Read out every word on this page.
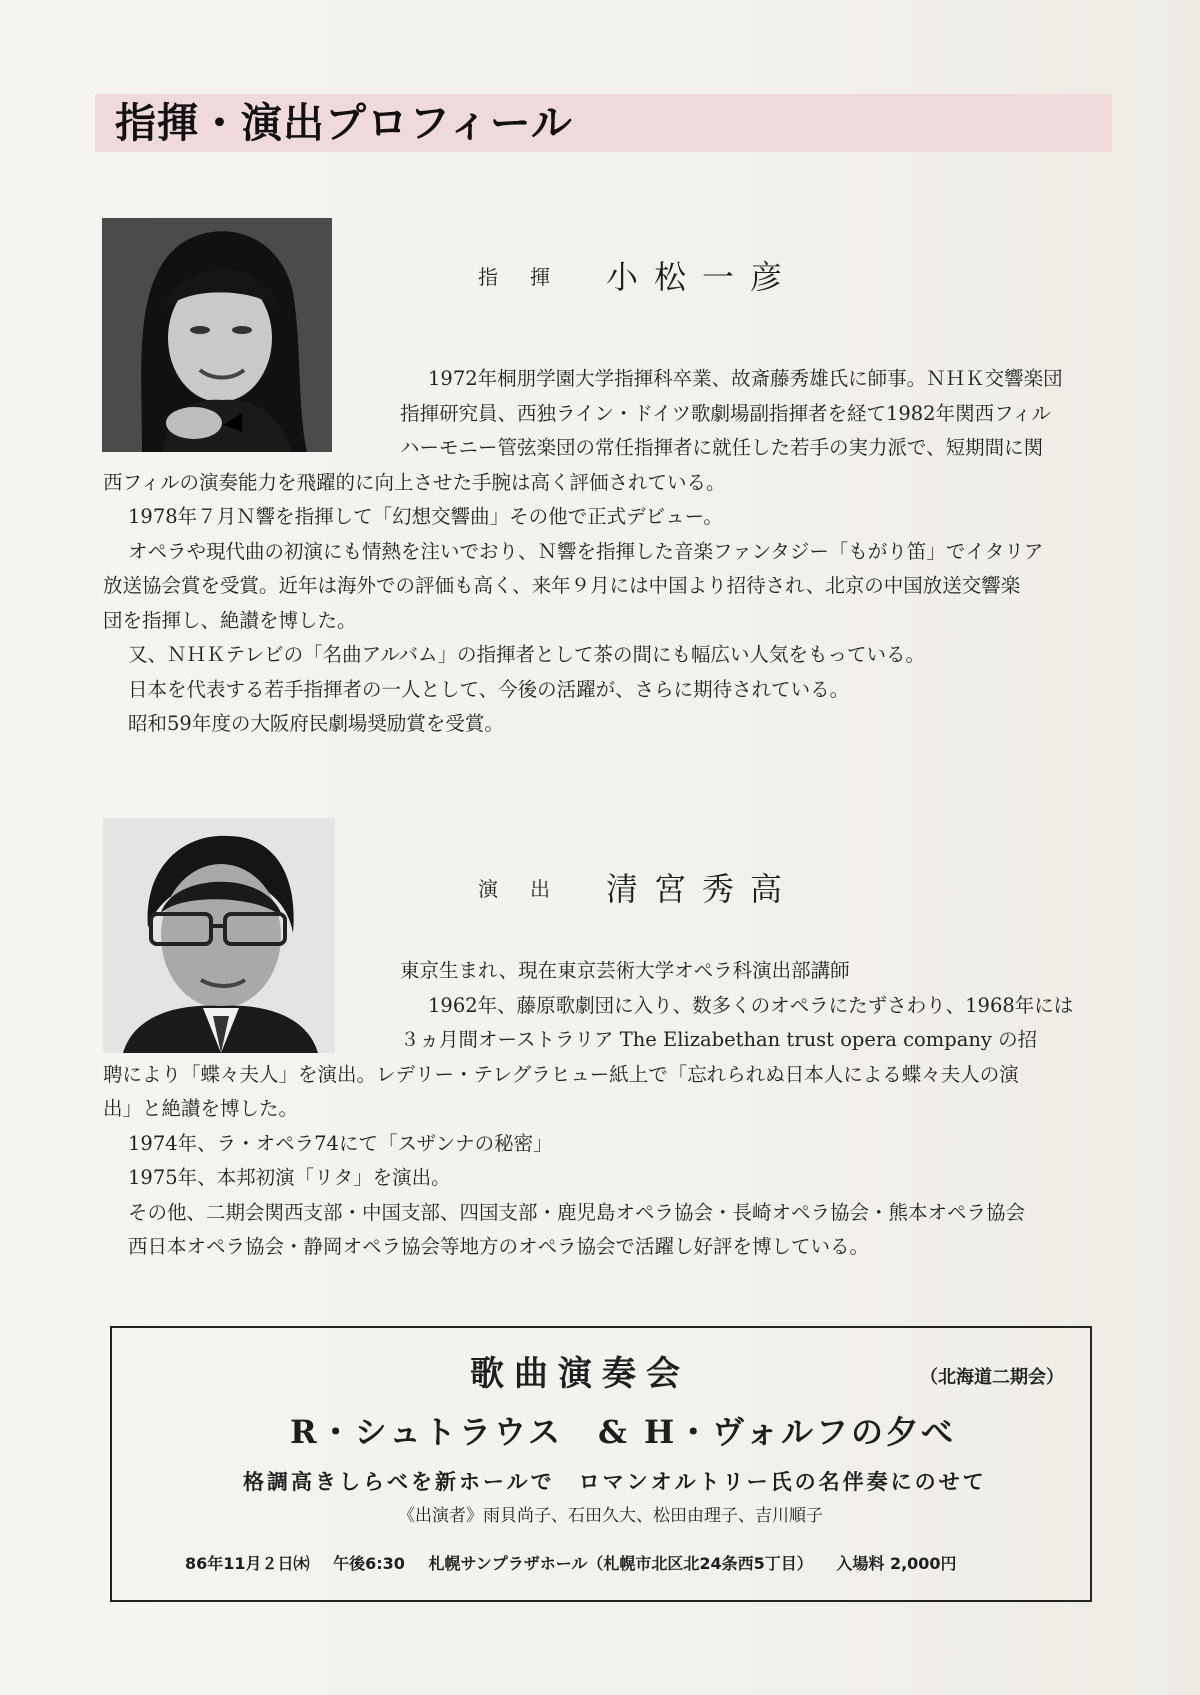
指揮・演出プロフィール
指揮 小松一彦
1972年桐朋学園大学指揮科卒業、故斎藤秀雄氏に師事。ＮＨＫ交響楽団
指揮研究員、西独ライン・ドイツ歌劇場副指揮者を経て1982年関西フィル
ハーモニー管弦楽団の常任指揮者に就任した若手の実力派で、短期間に関
西フィルの演奏能力を飛躍的に向上させた手腕は高く評価されている。
1978年７月Ｎ響を指揮して「幻想交響曲」その他で正式デビュー。
オペラや現代曲の初演にも情熱を注いでおり、Ｎ響を指揮した音楽ファンタジー「もがり笛」でイタリア
放送協会賞を受賞。近年は海外での評価も高く、来年９月には中国より招待され、北京の中国放送交響楽
団を指揮し、絶讃を博した。
又、ＮＨＫテレビの「名曲アルバム」の指揮者として茶の間にも幅広い人気をもっている。
日本を代表する若手指揮者の一人として、今後の活躍が、さらに期待されている。
昭和59年度の大阪府民劇場奨励賞を受賞。
演出 清宮秀高
東京生まれ、現在東京芸術大学オペラ科演出部講師
1962年、藤原歌劇団に入り、数多くのオペラにたずさわり、1968年には
３ヵ月間オーストラリア The Elizabethan trust opera company の招
聘により「蝶々夫人」を演出。レデリー・テレグラヒュー紙上で「忘れられぬ日本人による蝶々夫人の演
出」と絶讃を博した。
1974年、ラ・オペラ74にて「スザンナの秘密」
1975年、本邦初演「リタ」を演出。
その他、二期会関西支部・中国支部、四国支部・鹿児島オペラ協会・長崎オペラ協会・熊本オペラ協会
西日本オペラ協会・静岡オペラ協会等地方のオペラ協会で活躍し好評を博している。
歌曲演奏会	（北海道二期会）
R・シュトラウス　& H・ヴォルフの夕べ
格調高きしらべを新ホールで　ロマンオルトリー氏の名伴奏にのせて
《出演者》雨貝尚子、石田久大、松田由理子、吉川順子
86年11月２日㈭ 午後6:30 札幌サンプラザホール（札幌市北区北24条西5丁目） 入場料 2,000円
